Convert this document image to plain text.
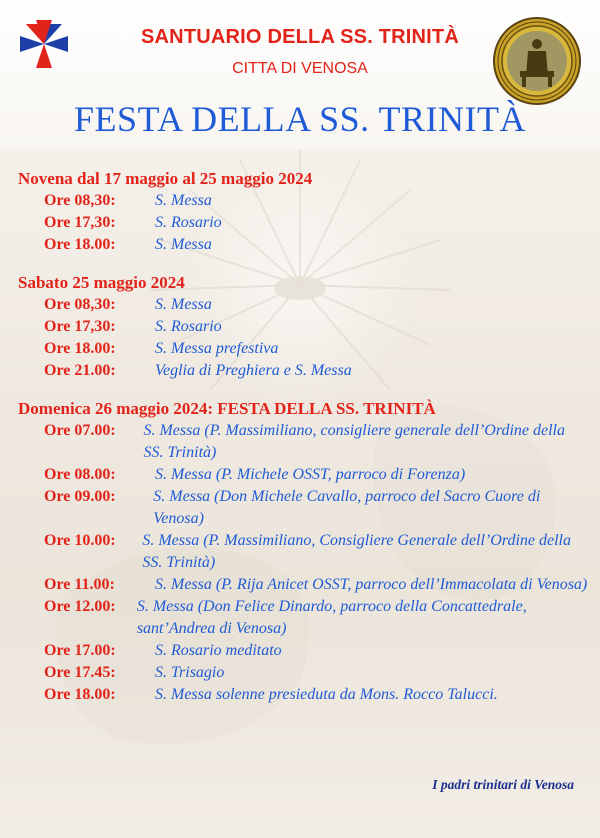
SANTUARIO DELLA SS. TRINITÀ
CITTA DI VENOSA
FESTA DELLA SS. TRINITÀ
Novena dal 17 maggio al 25 maggio 2024
Ore 08,30:	S. Messa
Ore 17,30:	S. Rosario
Ore 18.00:	S. Messa
Sabato 25 maggio 2024
Ore 08,30:	S. Messa
Ore 17,30:	S. Rosario
Ore 18.00:	S. Messa prefestiva
Ore 21.00:	Veglia di Preghiera e S. Messa
Domenica 26 maggio 2024: FESTA DELLA SS. TRINITÀ
Ore 07.00:	S. Messa (P. Massimiliano, consigliere generale dell’Ordine della SS. Trinità)
Ore 08.00:	S. Messa (P. Michele OSST, parroco di Forenza)
Ore 09.00:	S. Messa (Don Michele Cavallo, parroco del Sacro Cuore di Venosa)
Ore 10.00:	S. Messa (P. Massimiliano, Consigliere Generale dell’Ordine della SS. Trinità)
Ore 11.00:	S. Messa (P. Rija Anicet OSST, parroco dell’Immacolata di Venosa)
Ore 12.00:	S. Messa (Don Felice Dinardo, parroco della Concattedrale, sant’Andrea di Venosa)
Ore 17.00:	S. Rosario meditato
Ore 17.45:	S. Trisagio
Ore 18.00:	S. Messa solenne presieduta da Mons. Rocco Talucci.
I padri trinitari di Venosa
